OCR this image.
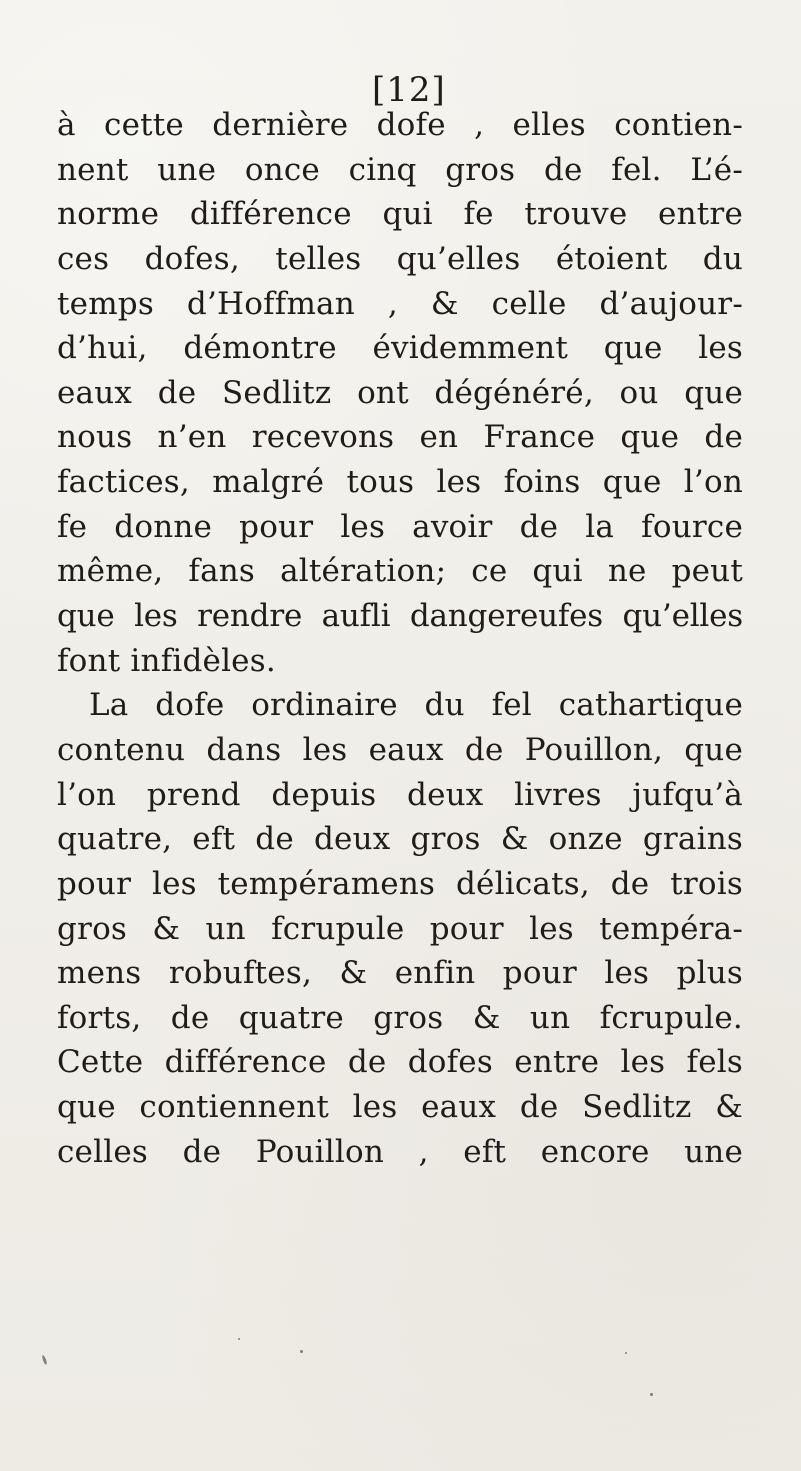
[12]
à cette dernière dofe , elles contien-
nent une once cinq gros de fel. L’é-
norme différence qui fe trouve entre
ces dofes, telles qu’elles étoient du
temps d’Hoffman , & celle d’aujour-
d’hui, démontre évidemment que les
eaux de Sedlitz ont dégénéré, ou que
nous n’en recevons en France que de
factices, malgré tous les foins que l’on
fe donne pour les avoir de la fource
même, fans altération; ce qui ne peut
que les rendre aufli dangereufes qu’elles
font infidèles.
La dofe ordinaire du fel cathartique
contenu dans les eaux de Pouillon, que
l’on prend depuis deux livres jufqu’à
quatre, eft de deux gros & onze grains
pour les tempéramens délicats, de trois
gros & un fcrupule pour les tempéra-
mens robuftes, & enfin pour les plus
forts, de quatre gros & un fcrupule.
Cette différence de dofes entre les fels
que contiennent les eaux de Sedlitz &
celles de Pouillon , eft encore une
